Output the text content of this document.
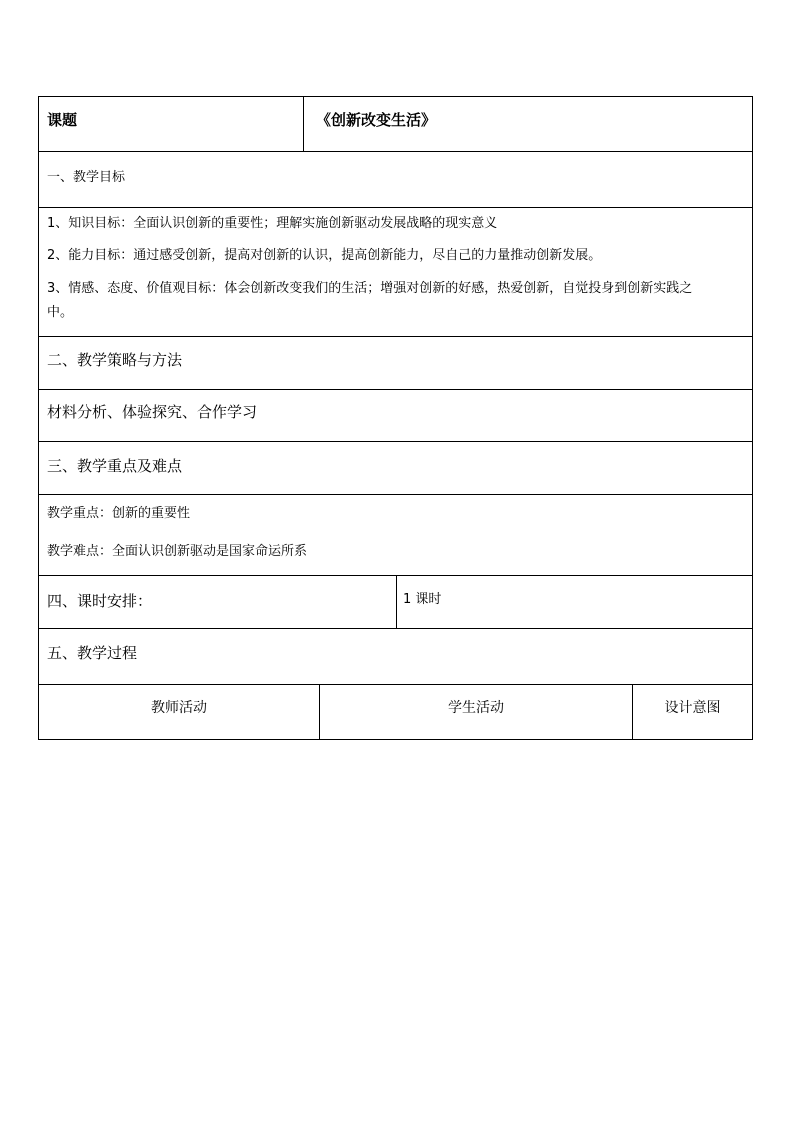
课题	《创新改变生活》
一、教学目标
1、知识目标：全面认识创新的重要性；理解实施创新驱动发展战略的现实意义
2、能力目标：通过感受创新，提高对创新的认识，提高创新能力，尽自己的力量推动创新发展。
3、情感、态度、价值观目标：体会创新改变我们的生活；增强对创新的好感，热爱创新，自觉投身到创新实践之
中。
二、教学策略与方法
材料分析、体验探究、合作学习
三、教学重点及难点
教学重点：创新的重要性
教学难点：全面认识创新驱动是国家命运所系
四、课时安排：	1 课时
五、教学过程
教师活动	学生活动	设计意图
